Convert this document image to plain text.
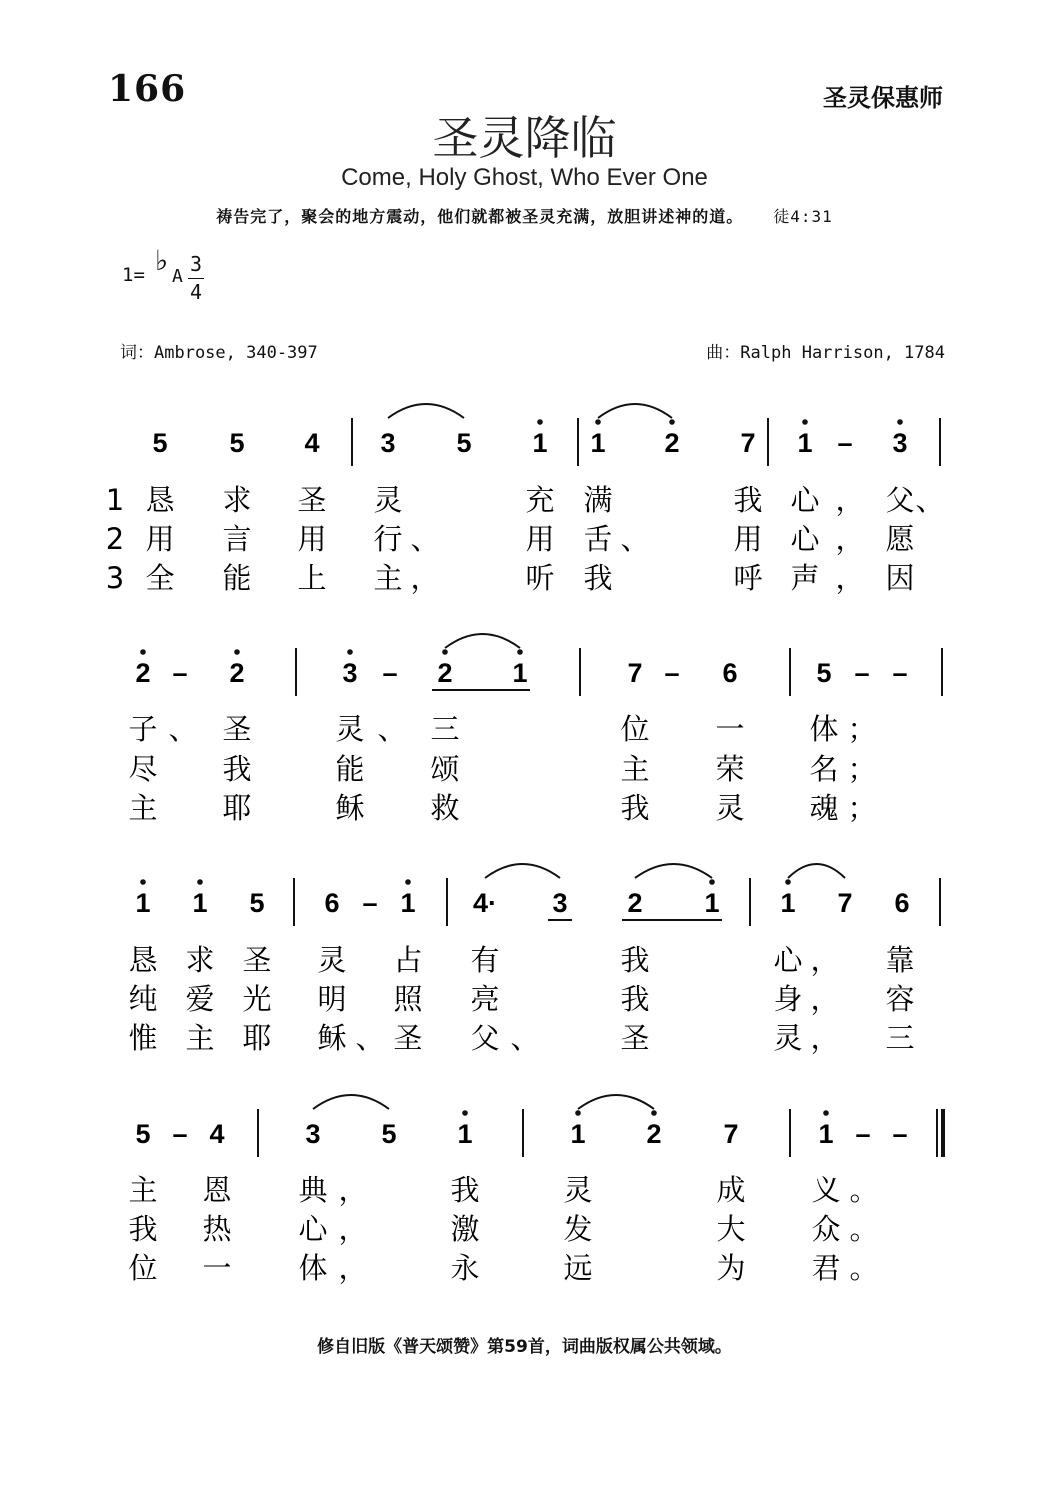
166	圣灵保惠师
圣灵降临
Come, Holy Ghost, Who Ever One
祷告完了，聚会的地方震动，他们就都被圣灵充满，放胆讲述神的道。 徒4:31
1= ♭ A
3
4
词：Ambrose, 340-397	曲：Ralph Harrison, 1784
5 5 4 3 5 1 1 2 7 1 – 3
1 恳 求 圣 灵	充 满	我 心 ， 父 、
2 用 言 用 行 、	用 舌 、	用 心 ， 愿
3 全 能 上 主 ，	听 我	呼 声 ， 因
2 – 2	3 – 2 1	7 – 6	5 – –
子 、 圣	灵 、 三	位 一 体 ；
尽 我	能 颂	主 荣 名 ；
主 耶	稣 救	我 灵 魂 ；
1 1 5 6 – 1 4· 3 2 1 1 7 6
恳 求 圣 灵 占 有	我	心 ， 靠
纯 爱 光 明 照 亮	我	身 ， 容
惟 主 耶 稣 、 圣 父 、	圣	灵 ， 三
5 – 4	3 5 1	1 2 7	1 – –
主 恩 典 ，	我	灵	成 义 。
我 热 心 ，	激	发	大 众 。
位 一 体 ，	永	远	为 君 。
修自旧版《普天颂赞》第59首，词曲版权属公共领域。
